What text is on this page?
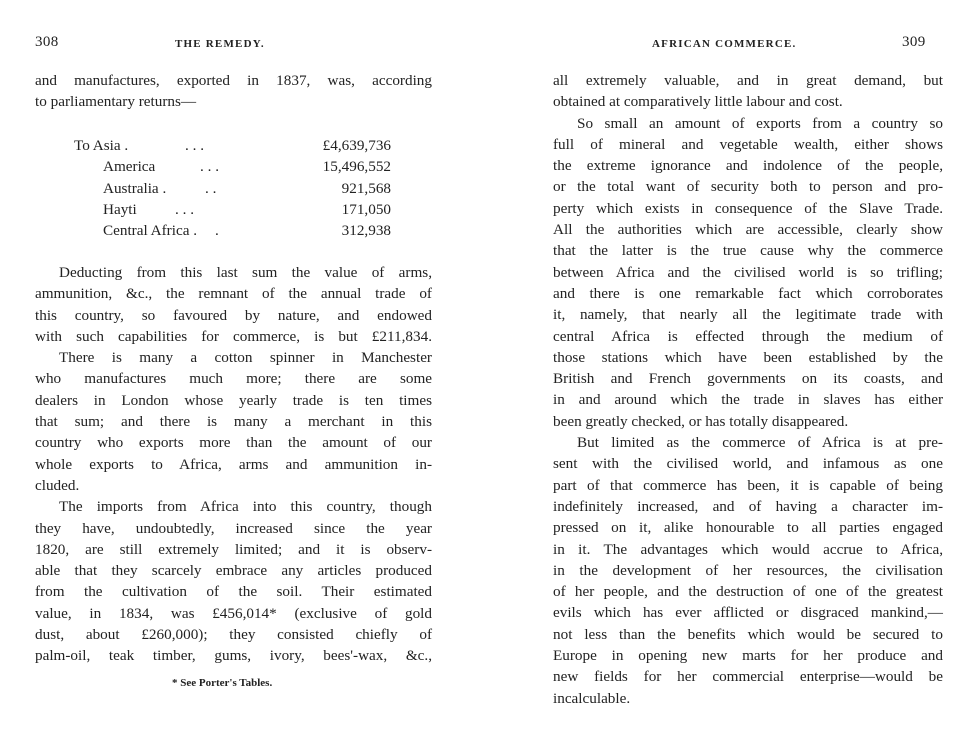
308	THE REMEDY.
and manufactures, exported in 1837, was, according
to parliamentary returns—
To Asia .	. . .	£4,639,736
America	. . .	15,496,552
Australia .	. .	921,568
Hayti	. . .	171,050
Central Africa . .	312,938
Deducting from this last sum the value of arms,
ammunition, &c., the remnant of the annual trade of
this country, so favoured by nature, and endowed
with such capabilities for commerce, is but £211,834.
There is many a cotton spinner in Manchester
who manufactures much more; there are some
dealers in London whose yearly trade is ten times
that sum; and there is many a merchant in this
country who exports more than the amount of our
whole exports to Africa, arms and ammunition in-
cluded.
The imports from Africa into this country, though
they have, undoubtedly, increased since the year
1820, are still extremely limited; and it is observ-
able that they scarcely embrace any articles produced
from the cultivation of the soil. Their estimated
value, in 1834, was £456,014* (exclusive of gold
dust, about £260,000); they consisted chiefly of
palm-oil, teak timber, gums, ivory, bees'-wax, &c.,
* See Porter's Tables.
AFRICAN COMMERCE.	309
all extremely valuable, and in great demand, but
obtained at comparatively little labour and cost.
So small an amount of exports from a country so
full of mineral and vegetable wealth, either shows
the extreme ignorance and indolence of the people,
or the total want of security both to person and pro-
perty which exists in consequence of the Slave Trade.
All the authorities which are accessible, clearly show
that the latter is the true cause why the commerce
between Africa and the civilised world is so trifling;
and there is one remarkable fact which corroborates
it, namely, that nearly all the legitimate trade with
central Africa is effected through the medium of
those stations which have been established by the
British and French governments on its coasts, and
in and around which the trade in slaves has either
been greatly checked, or has totally disappeared.
But limited as the commerce of Africa is at pre-
sent with the civilised world, and infamous as one
part of that commerce has been, it is capable of being
indefinitely increased, and of having a character im-
pressed on it, alike honourable to all parties engaged
in it. The advantages which would accrue to Africa,
in the development of her resources, the civilisation
of her people, and the destruction of one of the greatest
evils which has ever afflicted or disgraced mankind,—
not less than the benefits which would be secured to
Europe in opening new marts for her produce and
new fields for her commercial enterprise—would be
incalculable.
